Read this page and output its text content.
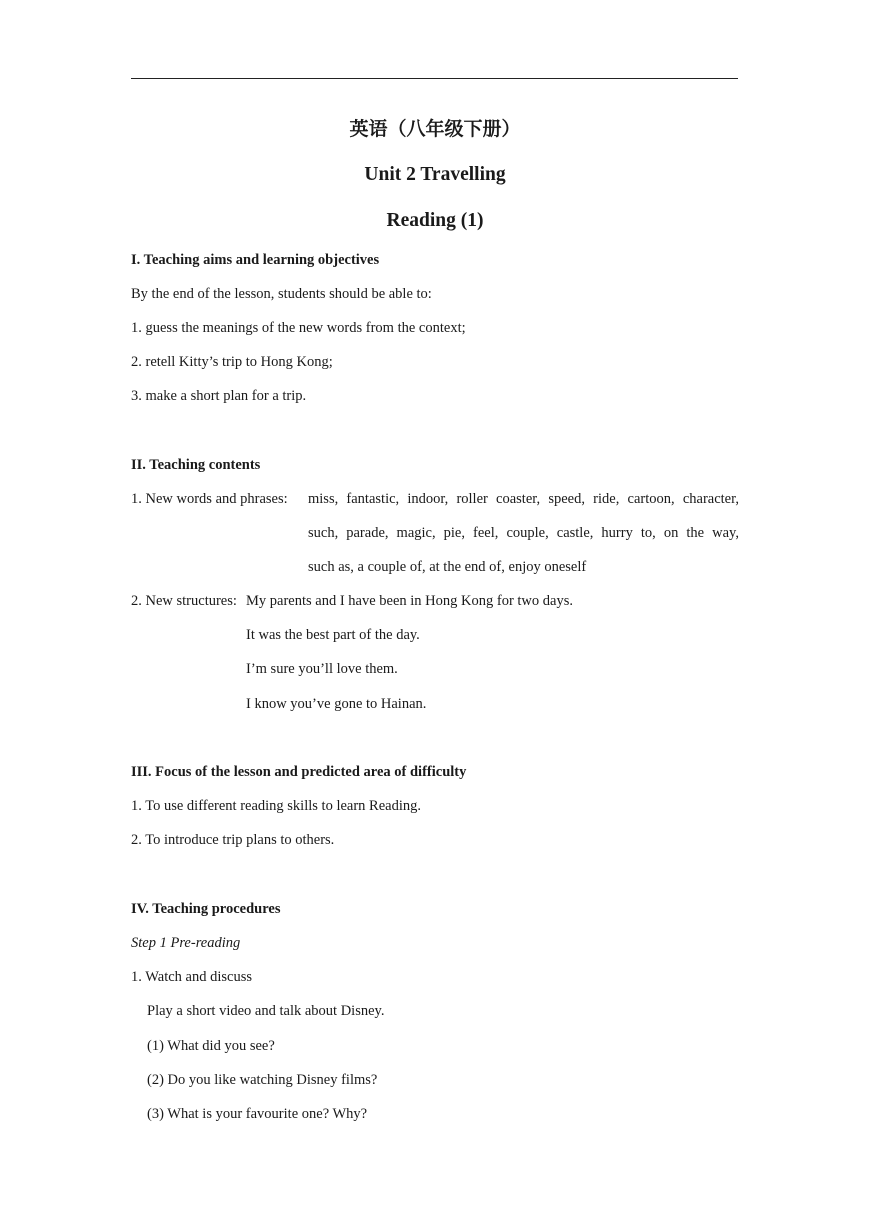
英语（八年级下册）
Unit 2 Travelling
Reading (1)
I. Teaching aims and learning objectives
By the end of the lesson, students should be able to:
1. guess the meanings of the new words from the context;
2. retell Kitty’s trip to Hong Kong;
3. make a short plan for a trip.
II. Teaching contents
1. New words and phrases: miss, fantastic, indoor, roller coaster, speed, ride, cartoon, character,
such, parade, magic, pie, feel, couple, castle, hurry to, on the way,
such as, a couple of, at the end of, enjoy oneself
2. New structures: My parents and I have been in Hong Kong for two days.
It was the best part of the day.
I’m sure you’ll love them.
I know you’ve gone to Hainan.
III. Focus of the lesson and predicted area of difficulty
1. To use different reading skills to learn Reading.
2. To introduce trip plans to others.
IV. Teaching procedures
Step 1 Pre-reading
1. Watch and discuss
Play a short video and talk about Disney.
(1) What did you see?
(2) Do you like watching Disney films?
(3) What is your favourite one? Why?
